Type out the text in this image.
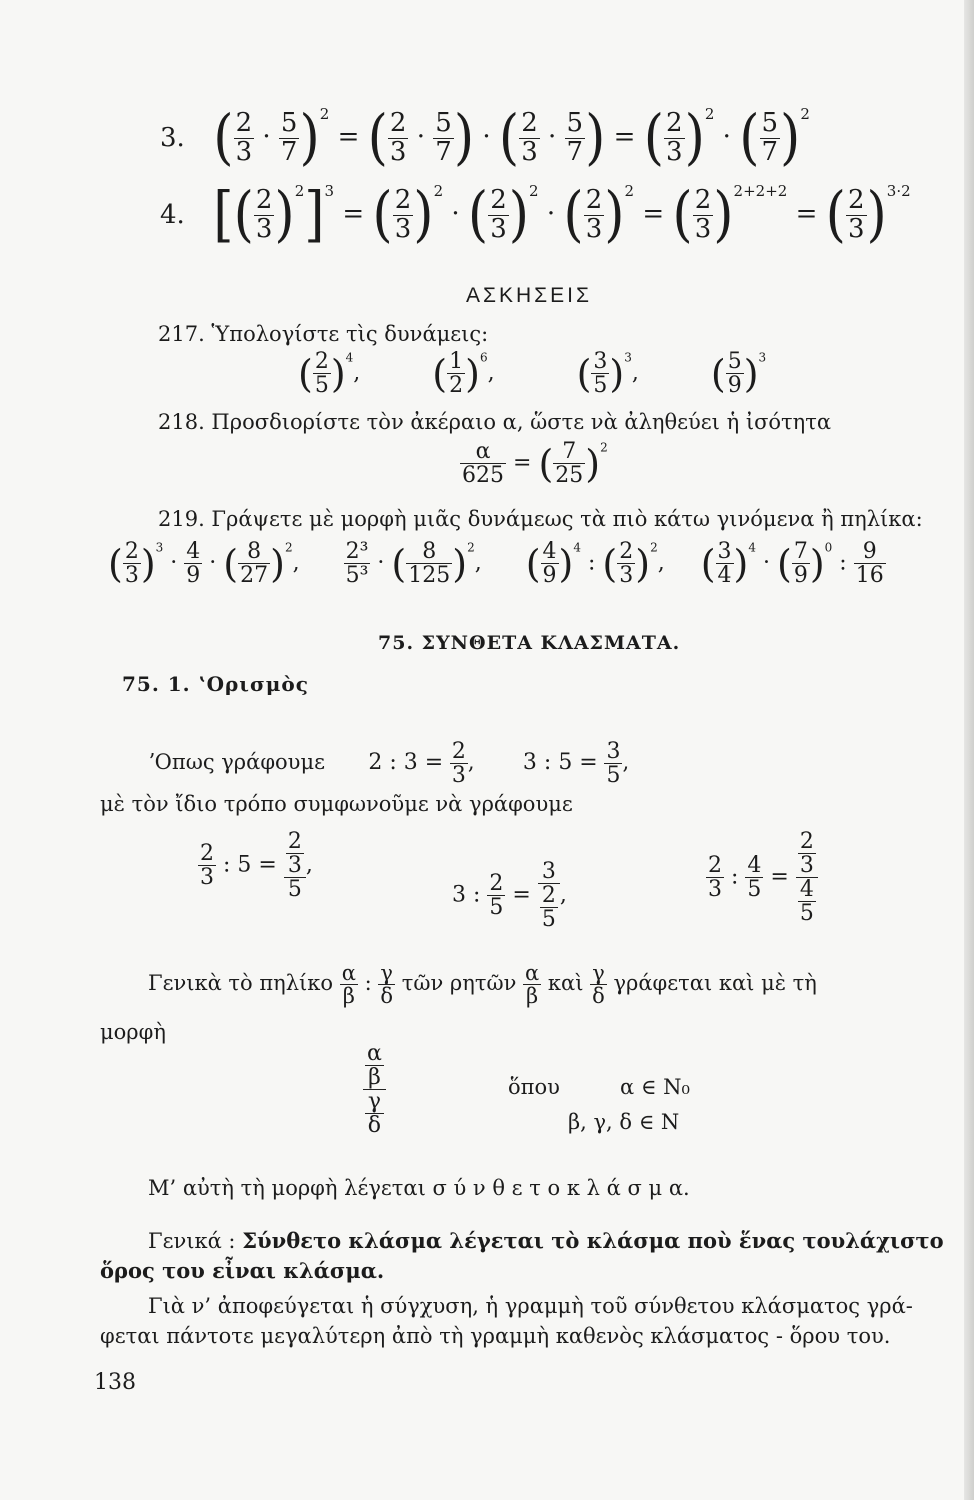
3. ( $\frac{2}{3} \cdot \frac{5}{7} )^2$ = ( $\frac{2}{3} \cdot \frac{5}{7}$ ) · ( $\frac{2}{3} \cdot \frac{5}{7}$ ) = ( $\frac{2}{3} )^2$ · ( $\frac{5}{7} )^2$
4. [( $\frac{2}{3} )^2]^3$ = ( $\frac{2}{3} )^2$ · ( $\frac{2}{3} )^2$ · ( $\frac{2}{3} )^2$ = ( $\frac{2}{3} )^{2+2+2}$ = ( $\frac{2}{3} )^{3\cdot 2}$
ΑΣΚΗΣΕΙΣ
217. Ὑπολογίστε τὶς δυνάμεις:
( $\frac{2}{5} )^4$,  ( $\frac{1}{2} )^6$,  ( $\frac{3}{5} )^3$,  ( $\frac{5}{9} )^3$
218. Προσδιορίστε τὸν ἀκέραιο α, ὥστε νὰ ἀληθεύει ἡ ἰσότητα
$\frac{\alpha}{625}$ = ( $\frac{7}{25} )^2$
219. Γράψετε μὲ μορφὴ μιᾶς δυνάμεως τὰ πιὸ κάτω γινόμενα ἢ πηλίκα:
( $\frac{2}{3} )^3 \cdot \frac{4}{9}$ · ( $\frac{8}{27} )^2$, $\frac{\text{2³}}{\text{5³}}$ · ( $\frac{8}{125} )^2$,  ( $\frac{4}{9} )^4$ : ( $\frac{2}{3} )^2$,  ( $\frac{3}{4} )^4$ · ( $\frac{7}{9} )^0$ : $\frac{9}{16}$
75. ΣΥΝΘΕΤΑ ΚΛΑΣΜΑΤΑ.
75. 1. ʽΟρισμὸς
ʼΟπως γράφουμε 2 : $3 = \frac{2}{3}$ ,  3 : $5 = \frac{3}{5}$ ,
μὲ τὸν ἴδιο τρόπο συμφωνοῦμε νὰ γράφουμε
$\frac{2}{3}$ : 5 = 2
3
5 ,
3 : $\frac{2}{5} = 3$
2
5 ,	$\frac{2}{3}$ : $\frac{4}{5} = 2$
3
4
5
Γενικὰ τὸ πηλίκο $\frac{\alpha}{\beta}$ : $\frac{\gamma}{\delta}$ τῶν ρητῶν $\frac{\alpha}{\beta}$ καὶ $\frac{\gamma}{\delta}$ γράφεται καὶ μὲ τὴ
μορφὴ
α
β
γ
δ	ὅπου	α ∈ N₀
β, γ, δ ∈ N
Μ’ αὐτὴ τὴ μορφὴ λέγεται σ ύ ν θ ε τ ο κ λ ά σ μ α.
Γενικά : Σύνθετο κλάσμα λέγεται τὸ κλάσμα ποὺ ἕνας τουλάχιστο
ὅρος του εἶναι κλάσμα.
Γιὰ ν’ ἀποφεύγεται ἡ σύγχυση, ἡ γραμμὴ τοῦ σύνθετου κλάσματος γρά-
φεται πάντοτε μεγαλύτερη ἀπὸ τὴ γραμμὴ καθενὸς κλάσματος - ὅρου του.
138
